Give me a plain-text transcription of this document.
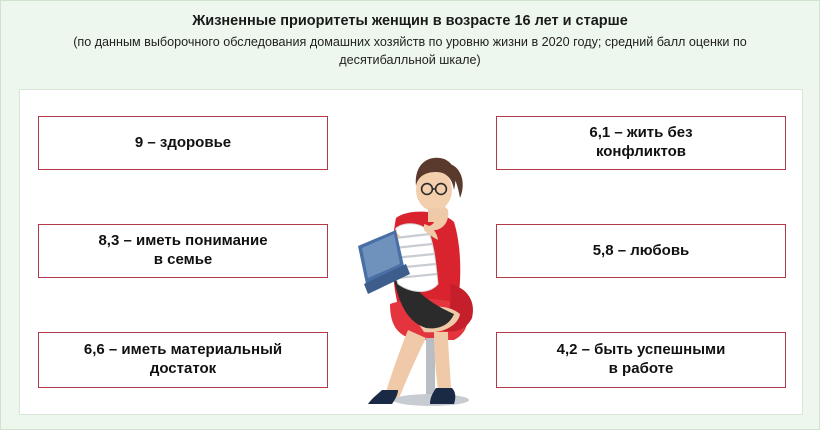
Жизненные приоритеты женщин в возрасте 16 лет и старше
(по данным выборочного обследования домашних хозяйств по уровню жизни в 2020 году; средний балл оценки по десятибалльной шкале)
9 – здоровье
8,3 – иметь понимание
в семье
6,6 – иметь материальный
достаток
6,1 – жить без
конфликтов
5,8 – любовь
4,2 – быть успешными
в работе
